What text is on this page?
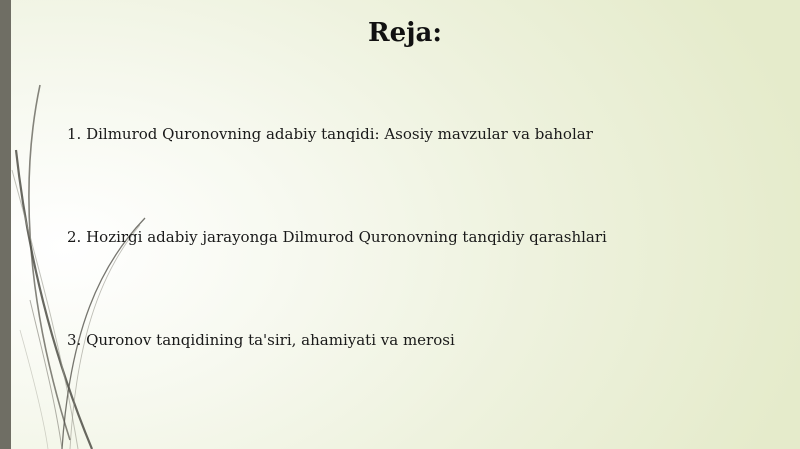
Reja:
1. Dilmurod Quronovning adabiy tanqidi: Asosiy mavzular va baholar
2. Hozirgi adabiy jarayonga Dilmurod Quronovning tanqidiy qarashlari
3. Quronov tanqidining ta'siri, ahamiyati va merosi
